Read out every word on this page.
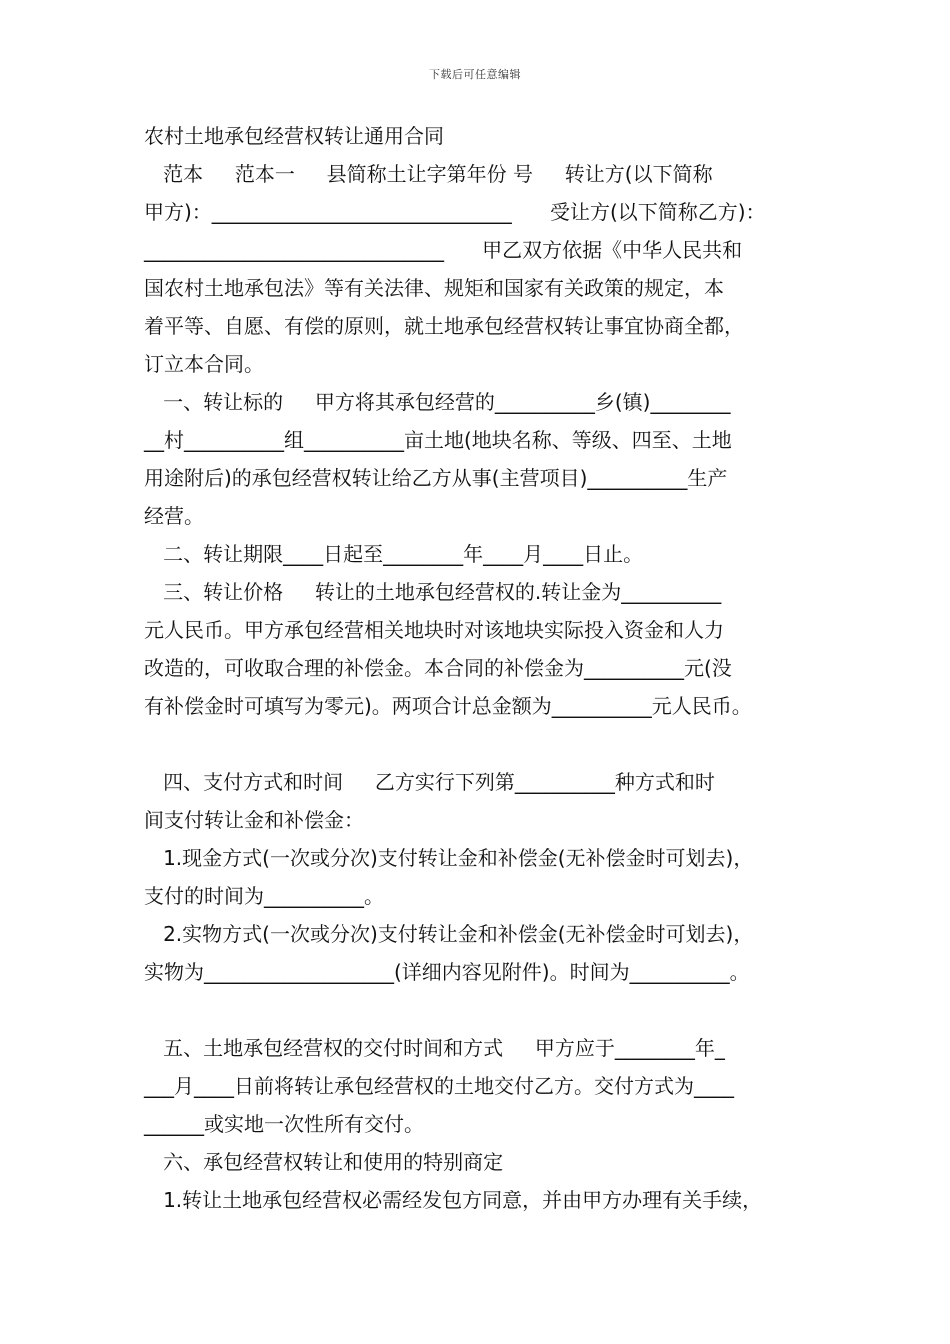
下载后可任意编辑
农村土地承包经营权转让通用合同
范本     范本一     县简称土让字第年份 号     转让方(以下简称
甲方)：______________________________      受让方(以下简称乙方)：
______________________________      甲乙双方依据《中华人民共和
国农村土地承包法》等有关法律、规矩和国家有关政策的规定，本
着平等、自愿、有偿的原则，就土地承包经营权转让事宜协商全都，
订立本合同。
一、转让标的     甲方将其承包经营的__________乡(镇)________
__村__________组__________亩土地(地块名称、等级、四至、土地
用途附后)的承包经营权转让给乙方从事(主营项目)__________生产
经营。
二、转让期限____日起至________年____月____日止。
三、转让价格     转让的土地承包经营权的.转让金为__________
元人民币。甲方承包经营相关地块时对该地块实际投入资金和人力
改造的，可收取合理的补偿金。本合同的补偿金为__________元(没
有补偿金时可填写为零元)。两项合计总金额为__________元人民币。
四、支付方式和时间     乙方实行下列第__________种方式和时
间支付转让金和补偿金：
1.现金方式(一次或分次)支付转让金和补偿金(无补偿金时可划去)，
支付的时间为__________。
2.实物方式(一次或分次)支付转让金和补偿金(无补偿金时可划去)，
实物为___________________(详细内容见附件)。时间为__________。
五、土地承包经营权的交付时间和方式     甲方应于________年_
___月____日前将转让承包经营权的土地交付乙方。交付方式为____
______或实地一次性所有交付。
六、承包经营权转让和使用的特别商定
1.转让土地承包经营权必需经发包方同意，并由甲方办理有关手续，
